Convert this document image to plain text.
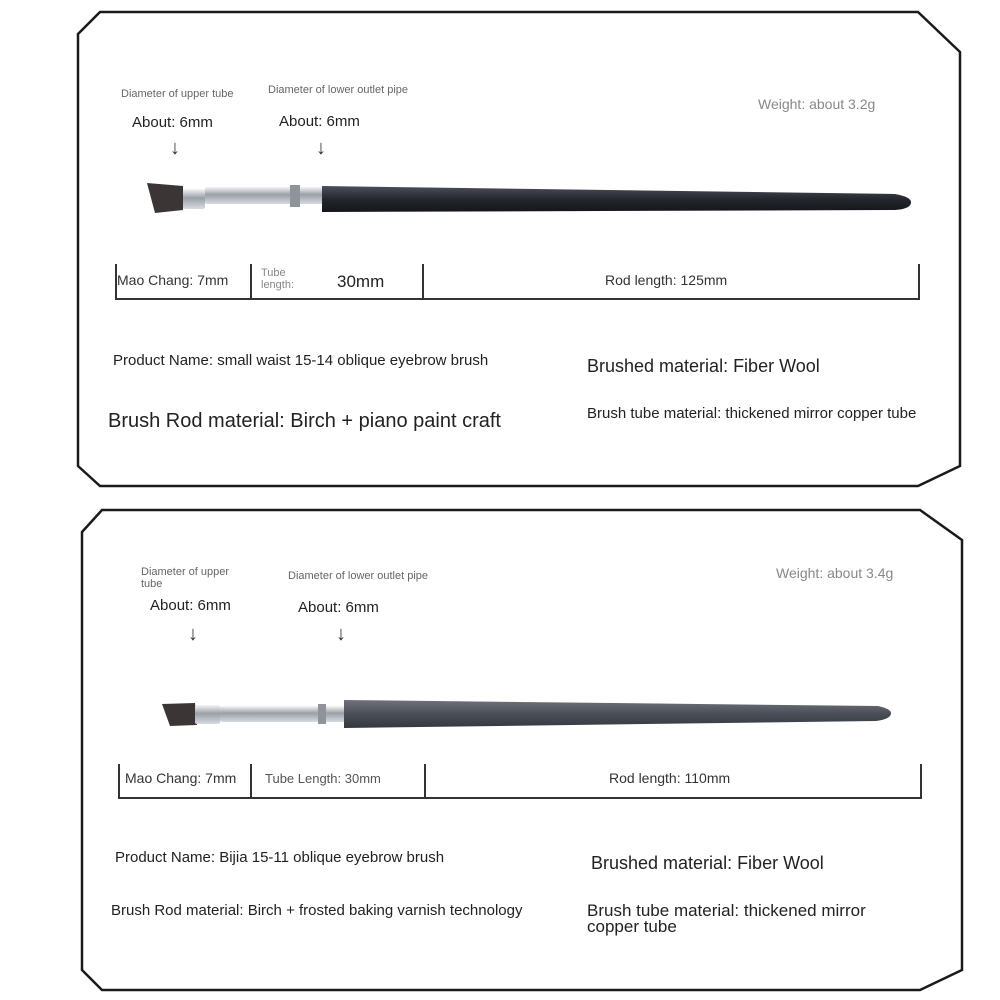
Diameter of upper tube
About: 6mm
↓
Diameter of lower outlet pipe
About: 6mm
↓
Weight: about 3.2g
Mao Chang: 7mm	Tube length:	30mm	Rod length: 125mm
Product Name: small waist 15-14 oblique eyebrow brush	Brushed material: Fiber Wool
Brush Rod material: Birch + piano paint craft	Brush tube material: thickened mirror copper tube
Diameter of upper tube
About: 6mm
↓
Diameter of lower outlet pipe
About: 6mm
↓
Weight: about 3.4g
Mao Chang: 7mm Tube Length: 30mm	Rod length: 110mm
Product Name: Bijia 15-11 oblique eyebrow brush	Brushed material: Fiber Wool
Brush Rod material: Birch + frosted baking varnish technology	Brush tube material: thickened mirror copper tube
